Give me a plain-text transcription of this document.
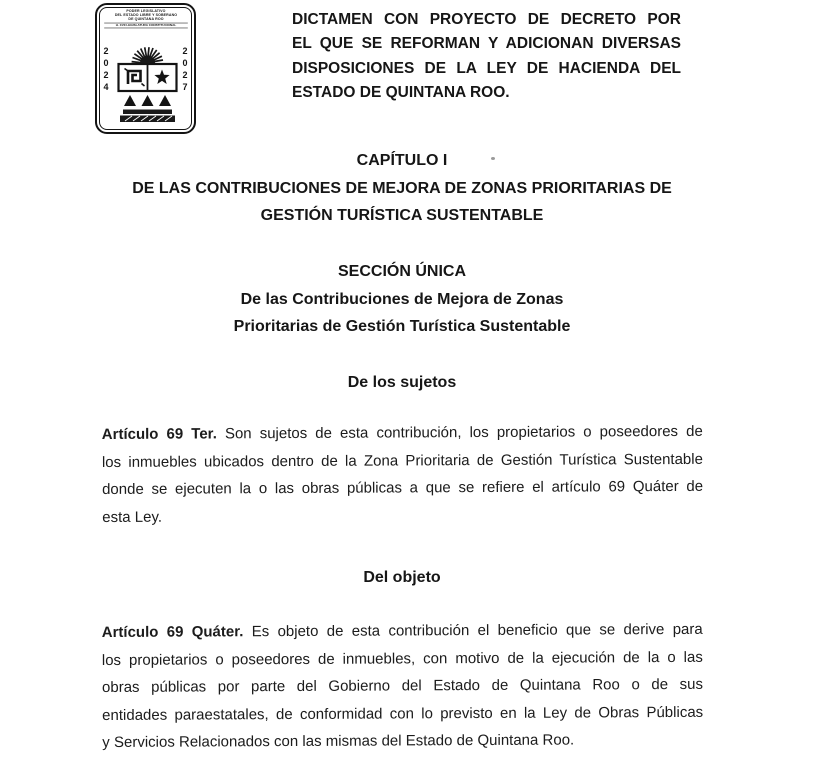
PODER LEGISLATIVO
DEL ESTADO LIBRE Y SOBERANO
DE QUINTANA ROO
H. XVII LEGISLATURA CONSTITUCIONAL
2
0
2
4
2
0
2
7
DICTAMEN CON PROYECTO DE DECRETO POR
EL QUE SE REFORMAN Y ADICIONAN DIVERSAS
DISPOSICIONES DE LA LEY DE HACIENDA DEL
ESTADO DE QUINTANA ROO.
CAPÍTULO I
DE LAS CONTRIBUCIONES DE MEJORA DE ZONAS PRIORITARIAS DE
GESTIÓN TURÍSTICA SUSTENTABLE
SECCIÓN ÚNICA
De las Contribuciones de Mejora de Zonas
Prioritarias de Gestión Turística Sustentable
De los sujetos
Artículo 69 Ter. Son sujetos de esta contribución, los propietarios o poseedores de
los inmuebles ubicados dentro de la Zona Prioritaria de Gestión Turística Sustentable
donde se ejecuten la o las obras públicas a que se refiere el artículo 69 Quáter de
esta Ley.
Del objeto
Artículo 69 Quáter. Es objeto de esta contribución el beneficio que se derive para
los propietarios o poseedores de inmuebles, con motivo de la ejecución de la o las
obras públicas por parte del Gobierno del Estado de Quintana Roo o de sus
entidades paraestatales, de conformidad con lo previsto en la Ley de Obras Públicas
y Servicios Relacionados con las mismas del Estado de Quintana Roo.
